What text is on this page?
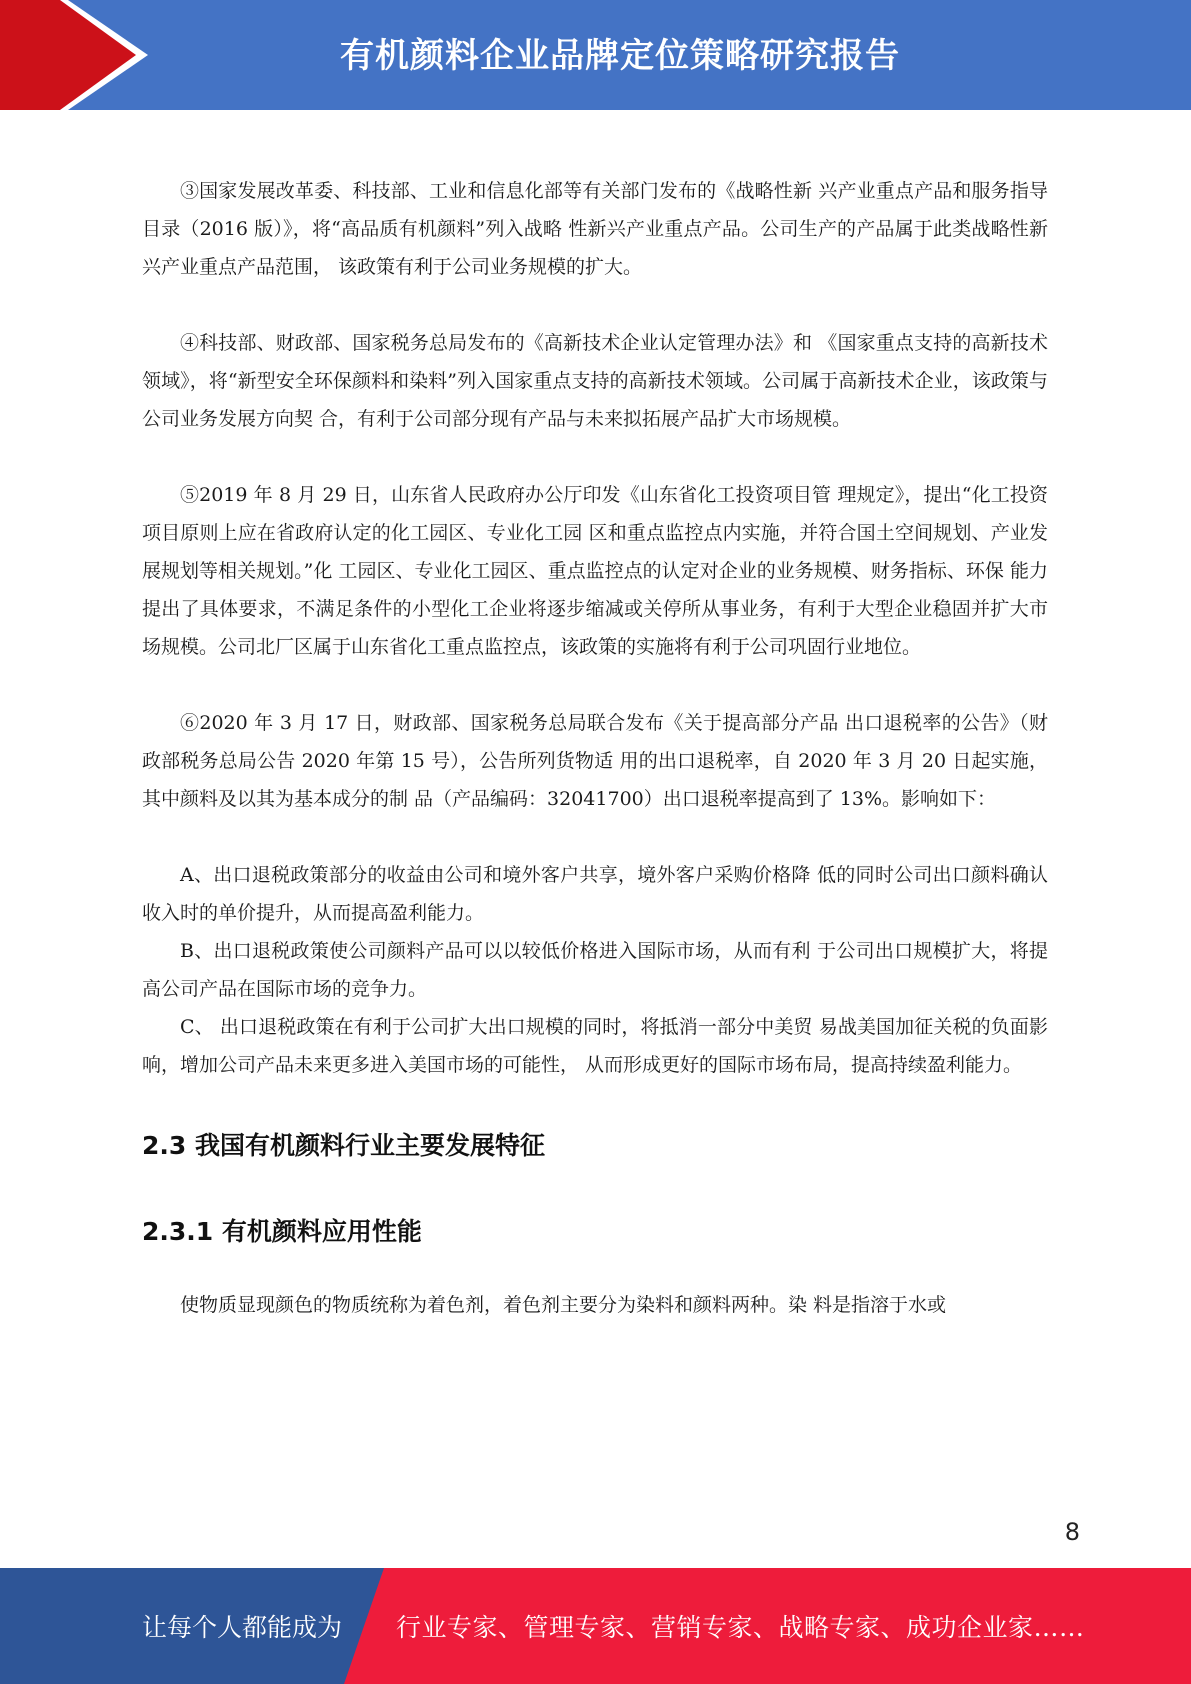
有机颜料企业品牌定位策略研究报告

③国家发展改革委、科技部、工业和信息化部等有关部门发布的《战略性新 兴产业重点产品和服务指导目录（2016 版）》，将“高品质有机颜料”列入战略 性新兴产业重点产品。公司生产的产品属于此类战略性新兴产业重点产品范围， 该政策有利于公司业务规模的扩大。

④科技部、财政部、国家税务总局发布的《高新技术企业认定管理办法》和 《国家重点支持的高新技术领域》，将“新型安全环保颜料和染料”列入国家重点支持的高新技术领域。公司属于高新技术企业，该政策与公司业务发展方向契 合，有利于公司部分现有产品与未来拟拓展产品扩大市场规模。

⑤2019 年 8 月 29 日，山东省人民政府办公厅印发《山东省化工投资项目管 理规定》，提出“化工投资项目原则上应在省政府认定的化工园区、专业化工园 区和重点监控点内实施，并符合国土空间规划、产业发展规划等相关规划。”化 工园区、专业化工园区、重点监控点的认定对企业的业务规模、财务指标、环保 能力提出了具体要求，不满足条件的小型化工企业将逐步缩减或关停所从事业务，有利于大型企业稳固并扩大市场规模。公司北厂区属于山东省化工重点监控点，该政策的实施将有利于公司巩固行业地位。

⑥2020 年 3 月 17 日，财政部、国家税务总局联合发布《关于提高部分产品 出口退税率的公告》（财政部税务总局公告 2020 年第 15 号），公告所列货物适 用的出口退税率，自 2020 年 3 月 20 日起实施，其中颜料及以其为基本成分的制 品（产品编码：32041700）出口退税率提高到了 13%。影响如下：

A、出口退税政策部分的收益由公司和境外客户共享，境外客户采购价格降 低的同时公司出口颜料确认收入时的单价提升，从而提高盈利能力。

B、出口退税政策使公司颜料产品可以以较低价格进入国际市场，从而有利 于公司出口规模扩大，将提高公司产品在国际市场的竞争力。

C、 出口退税政策在有利于公司扩大出口规模的同时，将抵消一部分中美贸 易战美国加征关税的负面影响，增加公司产品未来更多进入美国市场的可能性， 从而形成更好的国际市场布局，提高持续盈利能力。

2.3 我国有机颜料行业主要发展特征
2.3.1 有机颜料应用性能

使物质显现颜色的物质统称为着色剂，着色剂主要分为染料和颜料两种。染 料是指溶于水或

8
让每个人都能成为 行业专家、管理专家、营销专家、战略专家、成功企业家……
